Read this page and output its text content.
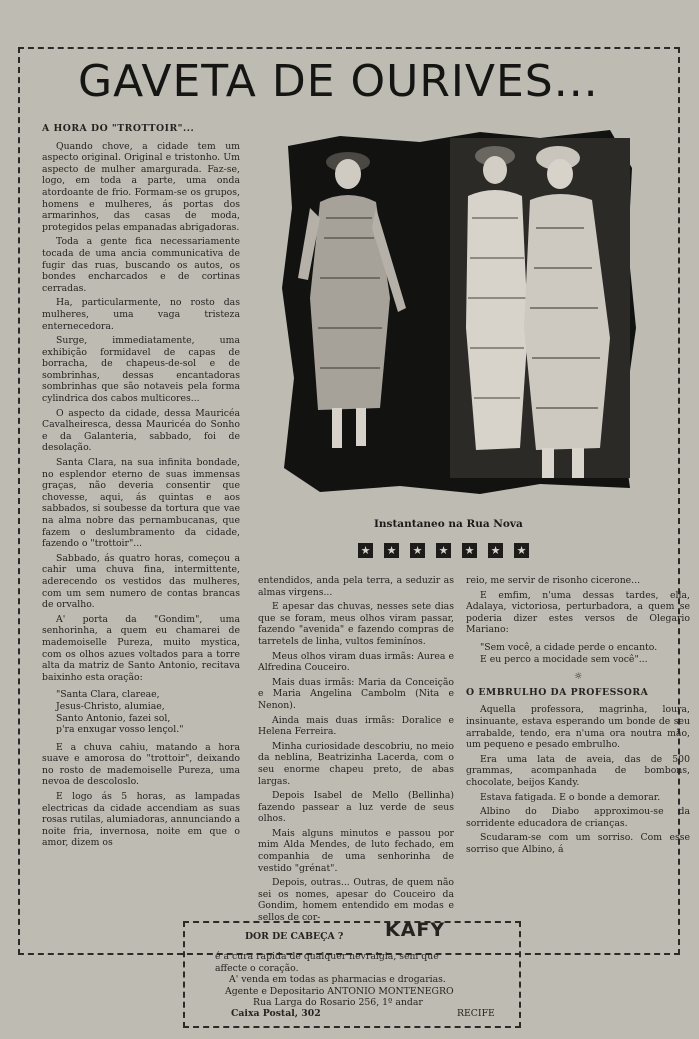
GAVETA DE OURIVES...

A HORA DO "TROTTOIR"...

Quando chove, a cidade tem um aspecto original. Original e tristonho. Um aspecto de mulher amargurada. Faz-se, logo, em toda a parte, uma onda atordoante de frio. Formam-se os grupos, homens e mulheres, ás portas dos armarinhos, das casas de moda, protegidos pelas empanadas abrigadoras.

Toda a gente fica necessariamente tocada de uma ancia communicativa de fugir das ruas, buscando os autos, os bondes encharcados e de cortinas cerradas.

Ha, particularmente, no rosto das mulheres, uma vaga tristeza enternecedora.

Surge, immediatamente, uma exhibição formidavel de capas de borracha, de chapeus-de-sol e de sombrinhas, dessas encantadoras sombrinhas que são notaveis pela forma cylindrica dos cabos multicores...

O aspecto da cidade, dessa Mauricéa Cavalheiresca, dessa Mauricéa do Sonho e da Galanteria, sabbado, foi de desolação.

Santa Clara, na sua infinita bondade, no esplendor eterno de suas immensas graças, não deveria consentir que chovesse, aqui, ás quintas e aos sabbados, si soubesse da tortura que vae na alma nobre das pernambucanas, que fazem o deslumbramento da cidade, fazendo o "trottoir"...

Sabbado, ás quatro horas, começou a cahir uma chuva fina, intermittente, aderecendo os vestidos das mulheres, com um sem numero de contas brancas de orvalho.

A' porta da "Gondim", uma senhorinha, a quem eu chamarei de mademoiselle Pureza, muito mystica, com os olhos azues voltados para a torre alta da matriz de Santo Antonio, recitava baixinho esta oração:

"Santa Clara, clareae,
Jesus-Christo, alumiae,
Santo Antonio, fazei sol,
p'ra enxugar vosso lençol."

E a chuva cahiu, matando a hora suave e amorosa do "trottoir", deixando no rosto de mademoiselle Pureza, uma nevoa de descoloslo.

E logo ás 5 horas, as lampadas electricas da cidade accendiam as suas rosas rutilas, alumiadoras, annunciando a noite fria, invernosa, noite em que o amor, dizem os

Instantaneo na Rua Nova
★ ★ ★ ★ ★ ★ ★

entendidos, anda pela terra, a seduzir as almas virgens...

E apesar das chuvas, nesses sete dias que se foram, meus olhos viram passar, fazendo "avenida" e fazendo compras de tarretels de linha, vultos feminínos.

Meus olhos viram duas irmãs: Aurea e Alfredina Couceiro.

Mais duas irmãs: Maria da Conceição e Maria Angelina Cambolm (Nita e Nenon).

Ainda mais duas irmãs: Doralice e Helena Ferreira.

Minha curiosidade descobriu, no meio da neblina, Beatrizinha Lacerda, com o seu enorme chapeu preto, de abas largas.

Depois Isabel de Mello (Bellinha) fazendo passear a luz verde de seus olhos.

Mais alguns minutos e passou por mim Alda Mendes, de luto fechado, em companhia de uma senhorinha de vestido "grénat".

Depois, outras... Outras, de quem não sei os nomes, apesar do Couceiro da Gondim, homem entendido em modas e sellos de cor-

reio, me servir de risonho cicerone...

E emfim, n'uma dessas tardes, ella, Adalaya, victoriosa, perturbadora, a quem se poderia dizer estes versos de Olegario Mariano:

"Sem você, a cidade perde o encanto.
E eu perco a mocidade sem você"...

☼

O EMBRULHO DA PROFESSORA

Aquella professora, magrinha, loura, insinuante, estava esperando um bonde de seu arrabalde, tendo, era n'uma ora noutra mão, um pequeno e pesado embrulho.

Era uma lata de aveia, das de 500 grammas, acompanhada de bombons, chocolate, beijos Kandy.

Estava fatigada. E o bonde a demorar.

Albino do Diabo approximou-se da sorridente educadora de crianças.

Scudaram-se com um sorriso. Com esse sorriso que Albino, á

DOR DE CABEÇA ? KAFY
é a cura rapida de qualquer nevralgia, sem que
affecte o coração.
A' venda em todas as pharmacias e drogarias.
Agente e Depositario ANTONIO MONTENEGRO
Rua Larga do Rosario 256, 1º andar
Caixa Postal, 302	RECIFE
